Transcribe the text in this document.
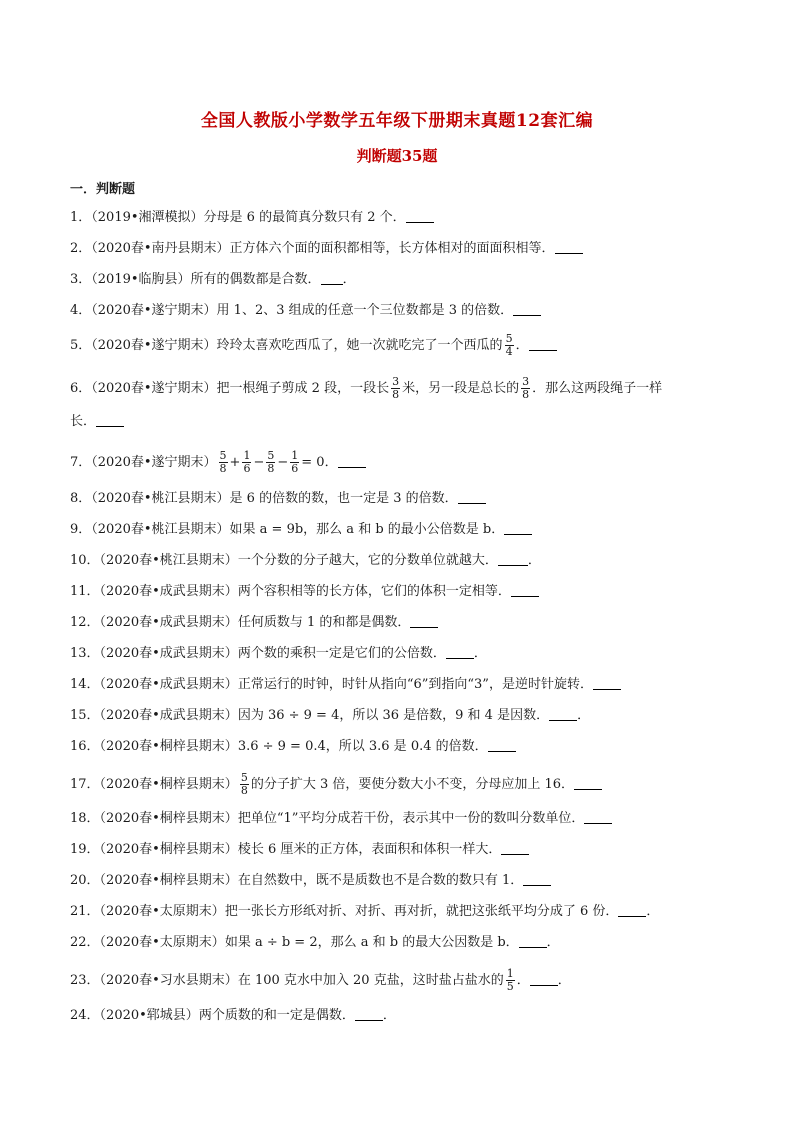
全国人教版小学数学五年级下册期末真题12套汇编
判断题35题
一．判断题
1．（2019•湘潭模拟）分母是 6 的最简真分数只有 2 个．
2．（2020春•南丹县期末）正方体六个面的面积都相等，长方体相对的面面积相等．
3．（2019•临朐县）所有的偶数都是合数． ．
4．（2020春•遂宁期末）用 1、2、3 组成的任意一个三位数都是 3 的倍数．
5．（2020春•遂宁期末）玲玲太喜欢吃西瓜了，她一次就吃完了一个西瓜的 $\frac{5}{4}$ ．
6．（2020春•遂宁期末）把一根绳子剪成 2 段，一段长 $\frac{3}{8}$ 米，另一段是总长的 $\frac{3}{8}$ ．那么这两段绳子一样
长．
7．（2020春•遂宁期末） $\frac{5}{8} + \frac{1}{6} - \frac{5}{8} - \frac{1}{6} = 0$．
8．（2020春•桃江县期末）是 6 的倍数的数，也一定是 3 的倍数．
9．（2020春•桃江县期末）如果 a = 9b，那么 a 和 b 的最小公倍数是 b．
10．（2020春•桃江县期末）一个分数的分子越大，它的分数单位就越大． ．
11．（2020春•成武县期末）两个容积相等的长方体，它们的体积一定相等．
12．（2020春•成武县期末）任何质数与 1 的和都是偶数．
13．（2020春•成武县期末）两个数的乘积一定是它们的公倍数． ．
14．（2020春•成武县期末）正常运行的时钟，时针从指向“6”到指向“3”，是逆时针旋转．
15．（2020春•成武县期末）因为 36 ÷ 9 = 4，所以 36 是倍数，9 和 4 是因数． ．
16．（2020春•桐梓县期末）3.6 ÷ 9 = 0.4，所以 3.6 是 0.4 的倍数．
17．（2020春•桐梓县期末） $\frac{5}{8}$ 的分子扩大 3 倍，要使分数大小不变，分母应加上 16．
18．（2020春•桐梓县期末）把单位“1”平均分成若干份，表示其中一份的数叫分数单位．
19．（2020春•桐梓县期末）棱长 6 厘米的正方体，表面积和体积一样大．
20．（2020春•桐梓县期末）在自然数中，既不是质数也不是合数的数只有 1．
21．（2020春•太原期末）把一张长方形纸对折、对折、再对折，就把这张纸平均分成了 6 份． ．
22．（2020春•太原期末）如果 a ÷ b = 2，那么 a 和 b 的最大公因数是 b． ．
23．（2020春•习水县期末）在 100 克水中加入 20 克盐，这时盐占盐水的 $\frac{1}{5}$ ． ．
24．（2020•郓城县）两个质数的和一定是偶数． ．
